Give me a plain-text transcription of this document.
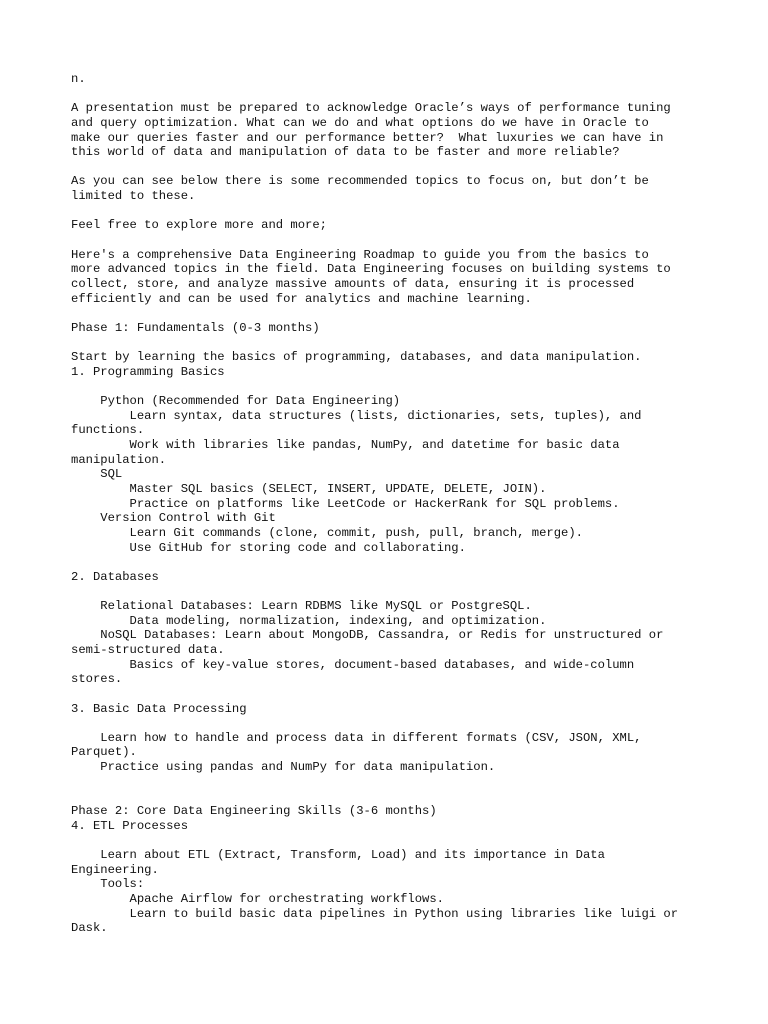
n.
A presentation must be prepared to acknowledge Oracle’s ways of performance tuning
and query optimization. What can we do and what options do we have in Oracle to
make our queries faster and our performance better?  What luxuries we can have in
this world of data and manipulation of data to be faster and more reliable?
As you can see below there is some recommended topics to focus on, but don’t be
limited to these.
Feel free to explore more and more;
Here's a comprehensive Data Engineering Roadmap to guide you from the basics to
more advanced topics in the field. Data Engineering focuses on building systems to
collect, store, and analyze massive amounts of data, ensuring it is processed
efficiently and can be used for analytics and machine learning.
Phase 1: Fundamentals (0-3 months)
Start by learning the basics of programming, databases, and data manipulation.
1. Programming Basics
Python (Recommended for Data Engineering)
Learn syntax, data structures (lists, dictionaries, sets, tuples), and
functions.
Work with libraries like pandas, NumPy, and datetime for basic data
manipulation.
SQL
Master SQL basics (SELECT, INSERT, UPDATE, DELETE, JOIN).
Practice on platforms like LeetCode or HackerRank for SQL problems.
Version Control with Git
Learn Git commands (clone, commit, push, pull, branch, merge).
Use GitHub for storing code and collaborating.
2. Databases
Relational Databases: Learn RDBMS like MySQL or PostgreSQL.
Data modeling, normalization, indexing, and optimization.
NoSQL Databases: Learn about MongoDB, Cassandra, or Redis for unstructured or
semi-structured data.
Basics of key-value stores, document-based databases, and wide-column
stores.
3. Basic Data Processing
Learn how to handle and process data in different formats (CSV, JSON, XML,
Parquet).
Practice using pandas and NumPy for data manipulation.
Phase 2: Core Data Engineering Skills (3-6 months)
4. ETL Processes
Learn about ETL (Extract, Transform, Load) and its importance in Data
Engineering.
Tools:
Apache Airflow for orchestrating workflows.
Learn to build basic data pipelines in Python using libraries like luigi or
Dask.
